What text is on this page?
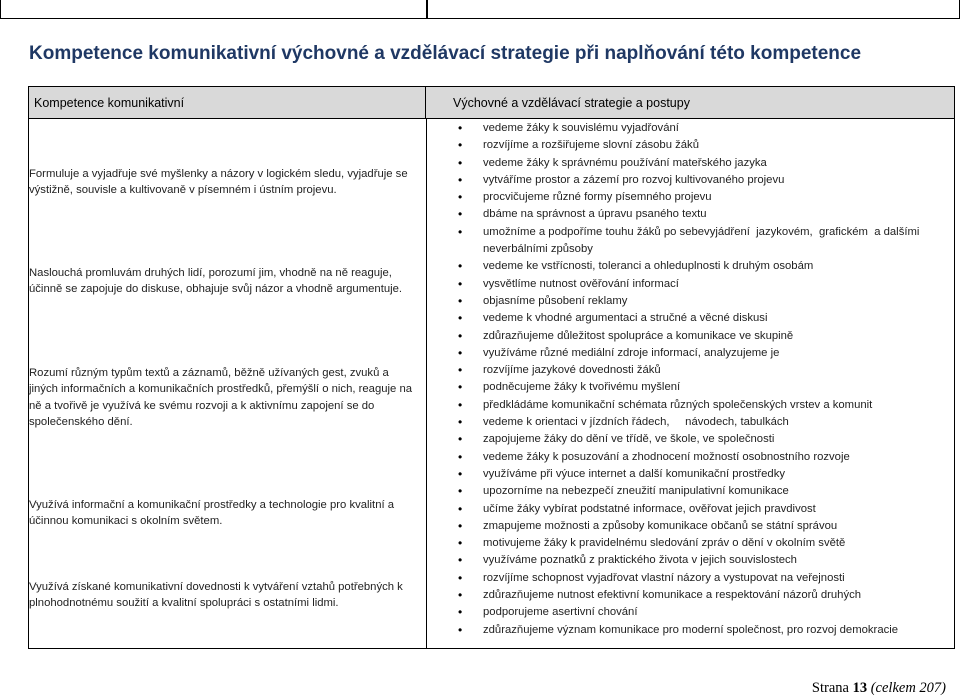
Kompetence komunikativní výchovné a vzdělávací strategie při naplňování této kompetence
Kompetence komunikativní	Výchovné a vzdělávací strategie a postupy
Formuluje a vyjadřuje své myšlenky a názory v logickém sledu, vyjadřuje se výstižně, souvisle a kultivovaně v písemném i ústním projevu.
Naslouchá promluvám druhých lidí, porozumí jim, vhodně na ně reaguje, účinně se zapojuje do diskuse, obhajuje svůj názor a vhodně argumentuje.
Rozumí různým typům textů a záznamů, běžně užívaných gest, zvuků a jiných informačních a komunikačních prostředků, přemýšlí o nich, reaguje na ně a tvořivě je využívá ke svému rozvoji a k aktivnímu zapojení se do společenského dění.
Využívá informační a komunikační prostředky a technologie pro kvalitní a účinnou komunikaci s okolním světem.
Využívá získané komunikativní dovednosti k vytváření vztahů potřebných k plnohodnotnému soužití a kvalitní spolupráci s ostatními lidmi.
• vedeme žáky k souvislému vyjadřování
• rozvíjíme a rozšiřujeme slovní zásobu žáků
• vedeme žáky k správnému používání mateřského jazyka
• vytváříme prostor a zázemí pro rozvoj kultivovaného projevu
• procvičujeme různé formy písemného projevu
• dbáme na správnost a úpravu psaného textu
• umožníme a podpoříme touhu žáků po sebevyjádření  jazykovém,  grafickém  a dalšími
neverbálními způsoby
• vedeme ke vstřícnosti, toleranci a ohleduplnosti k druhým osobám
• vysvětlíme nutnost ověřování informací
• objasníme působení reklamy
• vedeme k vhodné argumentaci a stručné a věcné diskusi
• zdůrazňujeme důležitost spolupráce a komunikace ve skupině
• využíváme různé mediální zdroje informací, analyzujeme je
• rozvíjíme jazykové dovednosti žáků
• podněcujeme žáky k tvořivému myšlení
• předkládáme komunikační schémata různých společenských vrstev a komunit
• vedeme k orientaci v jízdních řádech,     návodech, tabulkách
• zapojujeme žáky do dění ve třídě, ve škole, ve společnosti
• vedeme žáky k posuzování a zhodnocení možností osobnostního rozvoje
• využíváme při výuce internet a další komunikační prostředky
• upozorníme na nebezpečí zneužití manipulativní komunikace
• učíme žáky vybírat podstatné informace, ověřovat jejich pravdivost
• zmapujeme možnosti a způsoby komunikace občanů se státní správou
• motivujeme žáky k pravidelnému sledování zpráv o dění v okolním světě
• využíváme poznatků z praktického života v jejich souvislostech
• rozvíjíme schopnost vyjadřovat vlastní názory a vystupovat na veřejnosti
• zdůrazňujeme nutnost efektivní komunikace a respektování názorů druhých
• podporujeme asertivní chování
• zdůrazňujeme význam komunikace pro moderní společnost, pro rozvoj demokracie
Strana 13 (celkem 207)
